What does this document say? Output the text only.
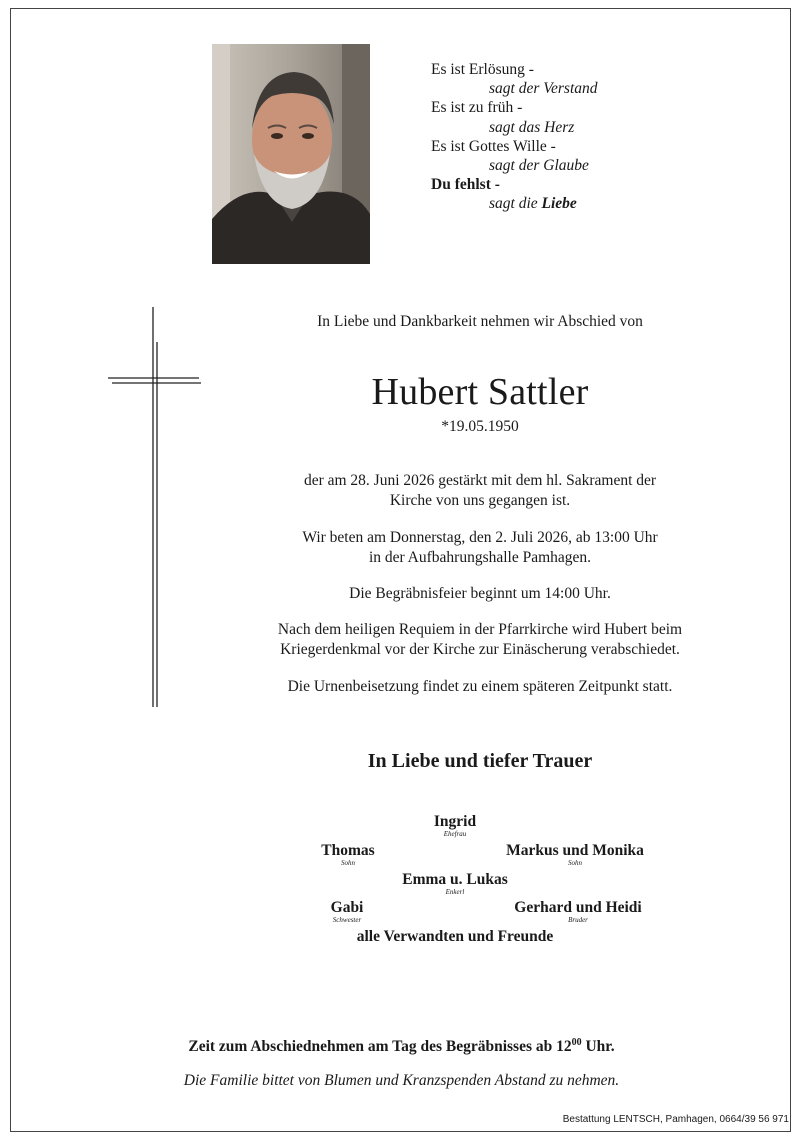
Es ist Erlösung -
sagt der Verstand
Es ist zu früh -
sagt das Herz
Es ist Gottes Wille -
sagt der Glaube
Du fehlst -
sagt die Liebe
In Liebe und Dankbarkeit nehmen wir Abschied von
Hubert Sattler
*19.05.1950
der am 28. Juni 2026 gestärkt mit dem hl. Sakrament der
Kirche von uns gegangen ist.
Wir beten am Donnerstag, den 2. Juli 2026, ab 13:00 Uhr
in der Aufbahrungshalle Pamhagen.
Die Begräbnisfeier beginnt um 14:00 Uhr.
Nach dem heiligen Requiem in der Pfarrkirche wird Hubert beim
Kriegerdenkmal vor der Kirche zur Einäscherung verabschiedet.
Die Urnenbeisetzung findet zu einem späteren Zeitpunkt statt.
In Liebe und tiefer Trauer
Ingrid
Ehefrau
Thomas
Sohn
Markus und Monika
Sohn
Emma u. Lukas
Enkerl
Gabi
Schwester
Gerhard und Heidi
Bruder
alle Verwandten und Freunde
Zeit zum Abschiednehmen am Tag des Begräbnisses ab $12^{00}$ Uhr.
Die Familie bittet von Blumen und Kranzspenden Abstand zu nehmen.
Bestattung LENTSCH, Pamhagen, 0664/39 56 971
